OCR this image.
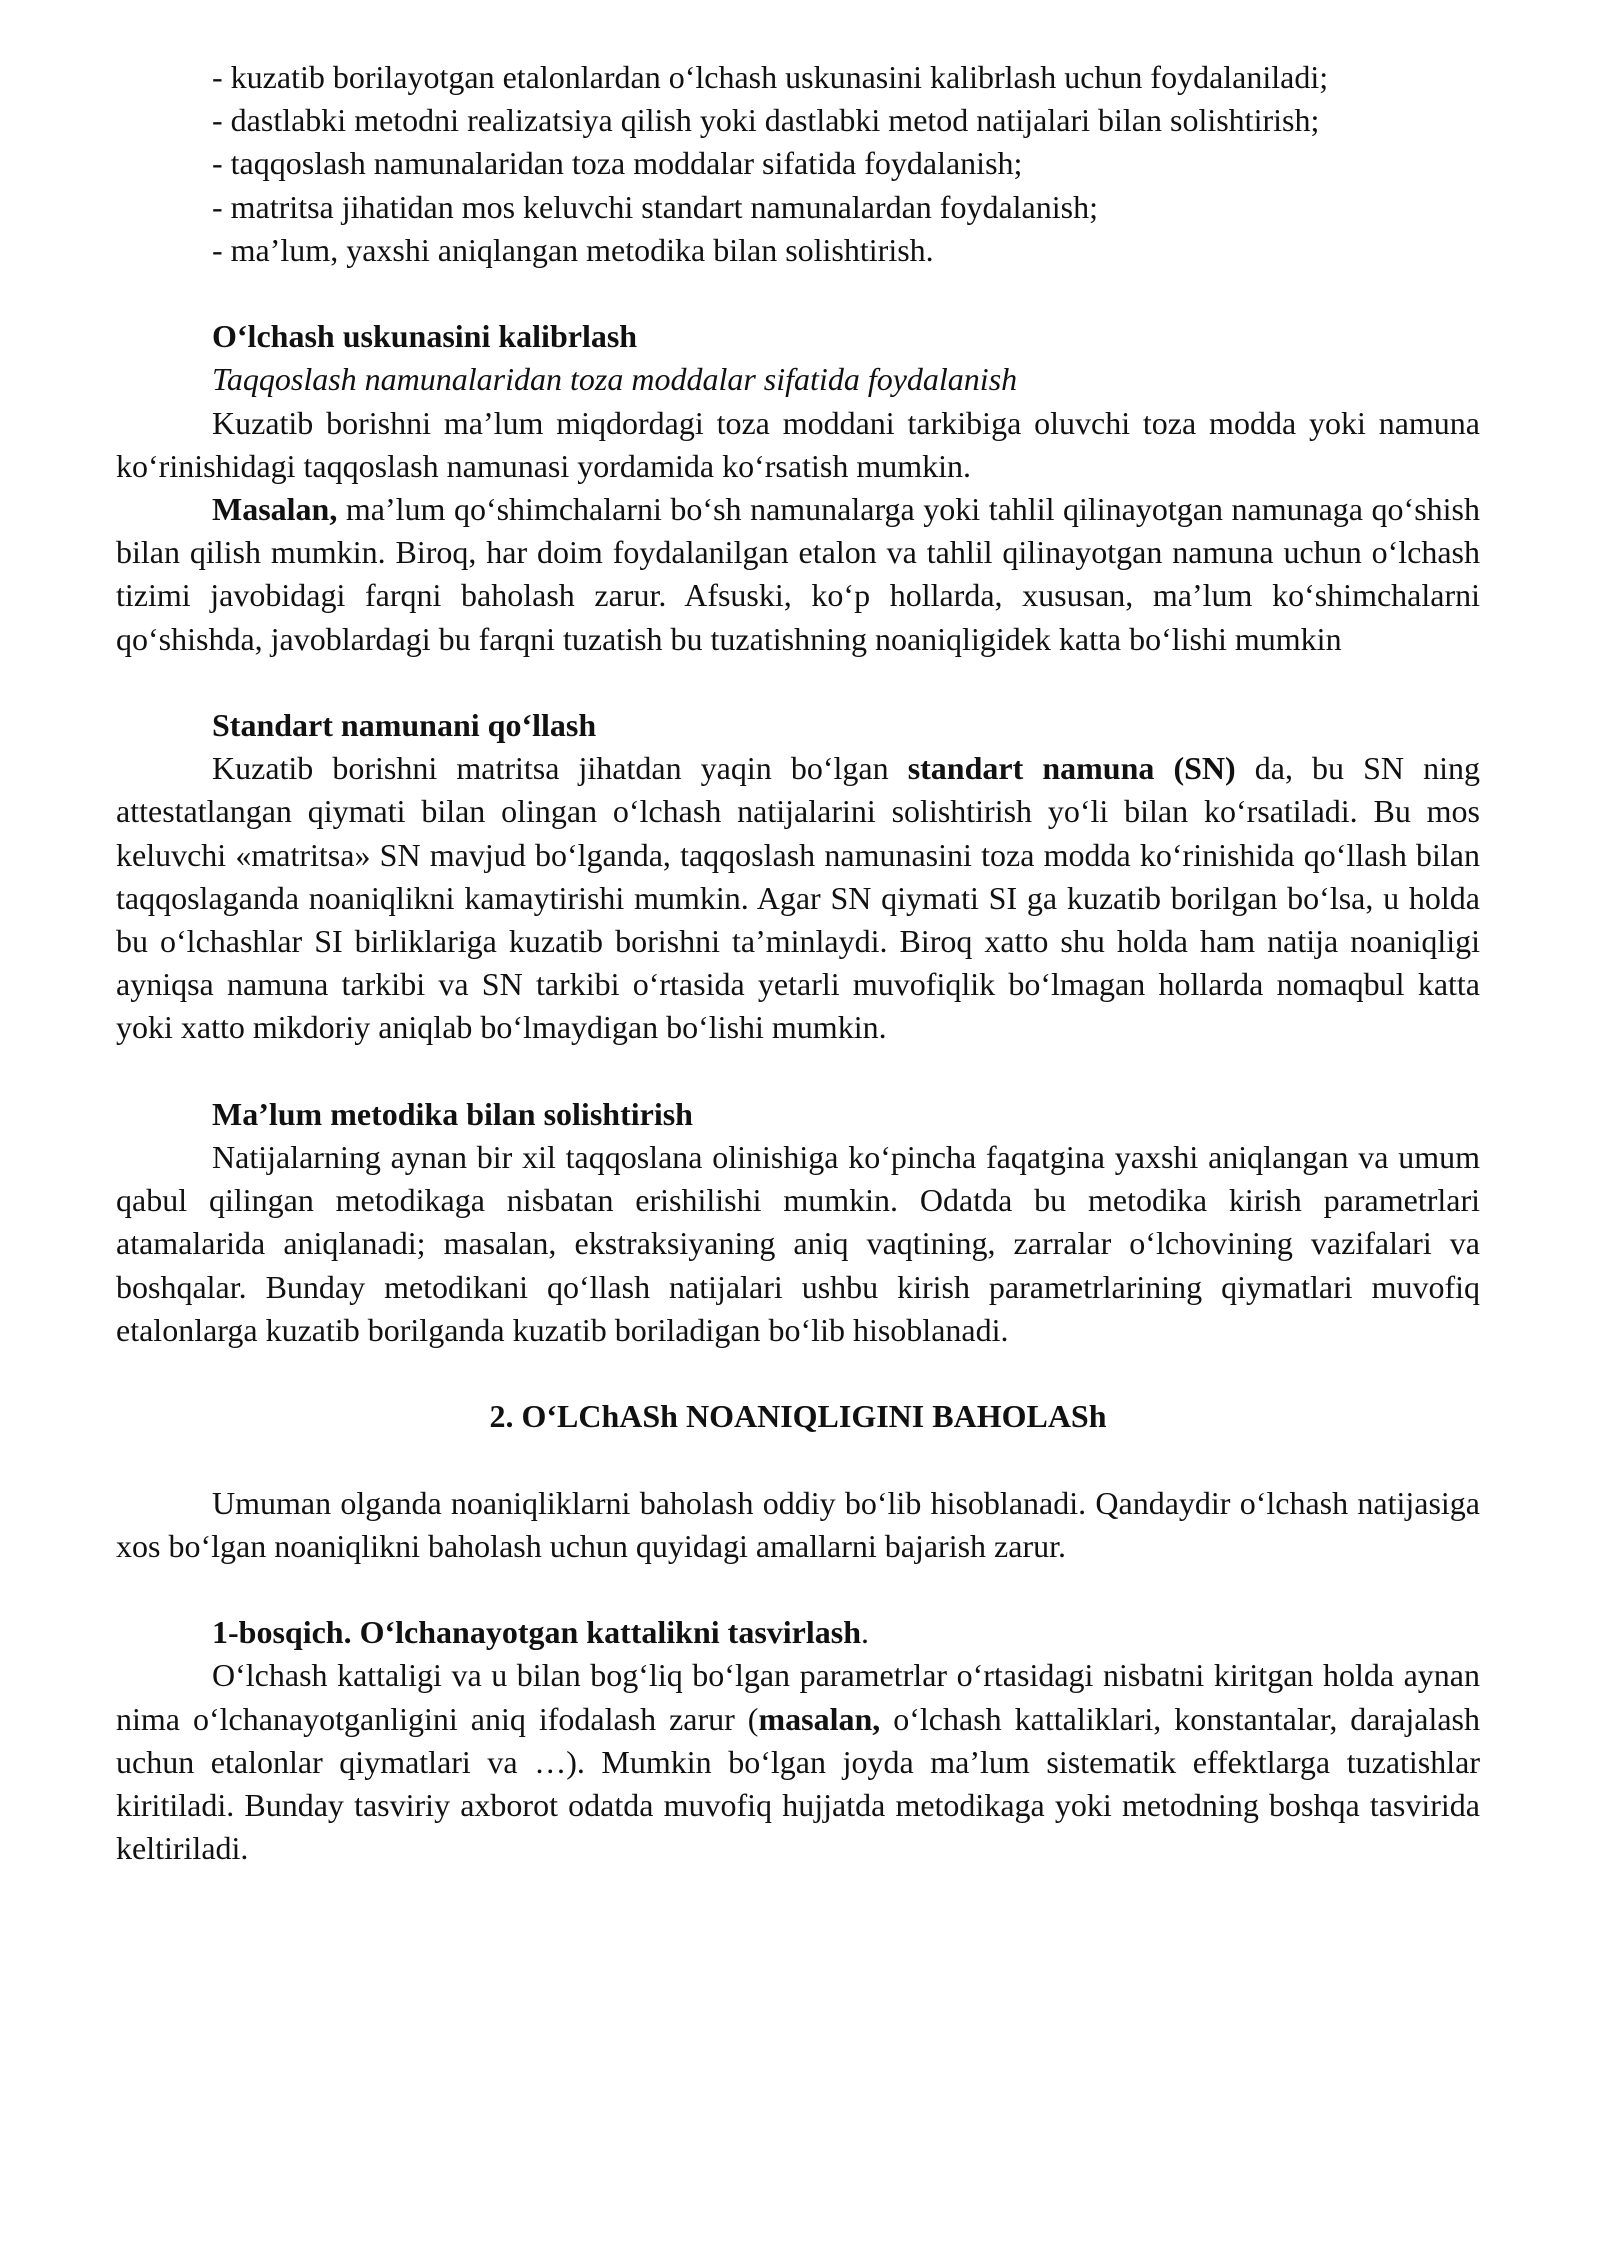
- kuzatib borilayotgan etalonlardan oʻlchash uskunasini kalibrlash uchun foydalaniladi;

- dastlabki metodni realizatsiya qilish yoki dastlabki metod natijalari bilan solishtirish;

- taqqoslash namunalaridan toza moddalar sifatida foydalanish;

- matritsa jihatidan mos keluvchi standart namunalardan foydalanish;

- ma’lum, yaxshi aniqlangan metodika bilan solishtirish.

Oʻlchash uskunasini kalibrlash

Taqqoslash namunalaridan toza moddalar sifatida foydalanish

Kuzatib borishni ma’lum miqdordagi toza moddani tarkibiga oluvchi toza modda yoki namuna koʻrinishidagi taqqoslash namunasi yordamida koʻrsatish mumkin.

Masalan, ma’lum qoʻshimchalarni boʻsh namunalarga yoki tahlil qilinayotgan namunaga qoʻshish bilan qilish mumkin. Biroq, har doim foydalanilgan etalon va tahlil qilinayotgan namuna uchun oʻlchash tizimi javobidagi farqni baholash zarur. Afsuski, koʻp hollarda, xususan, ma’lum koʻshimchalarni qoʻshishda, javoblardagi bu farqni tuzatish bu tuzatishning noaniqligidek katta boʻlishi mumkin

Standart namunani qoʻllash

Kuzatib borishni matritsa jihatdan yaqin boʻlgan standart namuna (SN) da, bu SN ning attestatlangan qiymati bilan olingan oʻlchash natijalarini solishtirish yoʻli bilan koʻrsatiladi. Bu mos keluvchi «matritsa» SN mavjud boʻlganda, taqqoslash namunasini toza modda koʻrinishida qoʻllash bilan taqqoslaganda noaniqlikni kamaytirishi mumkin. Agar SN qiymati SI ga kuzatib borilgan boʻlsa, u holda bu oʻlchashlar SI birliklariga kuzatib borishni ta’minlaydi. Biroq xatto shu holda ham natija noaniqligi ayniqsa namuna tarkibi va SN tarkibi oʻrtasida yetarli muvofiqlik boʻlmagan hollarda nomaqbul katta yoki xatto mikdoriy aniqlab boʻlmaydigan boʻlishi mumkin.

Ma’lum metodika bilan solishtirish

Natijalarning aynan bir xil taqqoslana olinishiga koʻpincha faqatgina yaxshi aniqlangan va umum qabul qilingan metodikaga nisbatan erishilishi mumkin. Odatda bu metodika kirish parametrlari atamalarida aniqlanadi; masalan, ekstraksiyaning aniq vaqtining, zarralar oʻlchovining vazifalari va boshqalar. Bunday metodikani qoʻllash natijalari ushbu kirish parametrlarining qiymatlari muvofiq etalonlarga kuzatib borilganda kuzatib boriladigan boʻlib hisoblanadi.

2. OʻLChASh NOANIQLIGINI BAHOLASh

Umuman olganda noaniqliklarni baholash oddiy boʻlib hisoblanadi. Qandaydir oʻlchash natijasiga xos boʻlgan noaniqlikni baholash uchun quyidagi amallarni bajarish zarur.

1-bosqich. Oʻlchanayotgan kattalikni tasvirlash.

Oʻlchash kattaligi va u bilan bogʻliq boʻlgan parametrlar oʻrtasidagi nisbatni kiritgan holda aynan nima oʻlchanayotganligini aniq ifodalash zarur (masalan, oʻlchash kattaliklari, konstantalar, darajalash uchun etalonlar qiymatlari va …). Mumkin boʻlgan joyda ma’lum sistematik effektlarga tuzatishlar kiritiladi. Bunday tasviriy axborot odatda muvofiq hujjatda metodikaga yoki metodning boshqa tasvirida keltiriladi.
